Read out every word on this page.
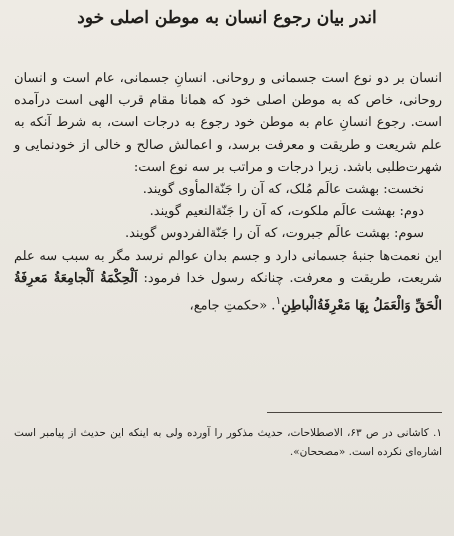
اندر بیان رجوع انسان به موطن اصلی خود

انسان بر دو نوع است جسمانی و روحانی. انسانِ جسمانی، عام است و انسان روحانی، خاص که به موطن اصلی خود که همانا مقام قرب الهی است درآمده است. رجوع انسانِ عام به موطن خود رجوع به درجات است، به شرط آنکه به علم شریعت و طریقت و معرفت برسد، و اعمالش صالح و خالی از خودنمایی و شهرت‌طلبی باشد. زیرا درجات و مراتب بر سه نوع است:

نخست: بهشت عالَم مُلک، که آن را جَنّة‌المأوی گویند.

دوم: بهشت عالَم ملکوت، که آن را جَنّة‌النعیم گویند.

سوم: بهشت عالَم جبروت، که آن را جَنّة‌الفردوس گویند.

این نعمت‌ها جنبهٔ جسمانی دارد و جسم بدان عوالم نرسد مگر به سبب سه علم شریعت، طریقت و معرفت. چنانکه رسول خدا فرمود: اَلْحِکْمَةُ اَلْجامِعَةُ مَعرِفَةُ الْحَقِّ وَالْعَمَلُ بِهَا مَعْرِفَةُ‌الْباطِنِ$^۱$. «حکمتِ جامع،

۱. کاشانی در ص ۶۳، الاصطلاحات، حدیث مذکور را آورده ولی به اینکه این حدیث از پیامبر است اشاره‌ای نکرده است. «مصححان».
